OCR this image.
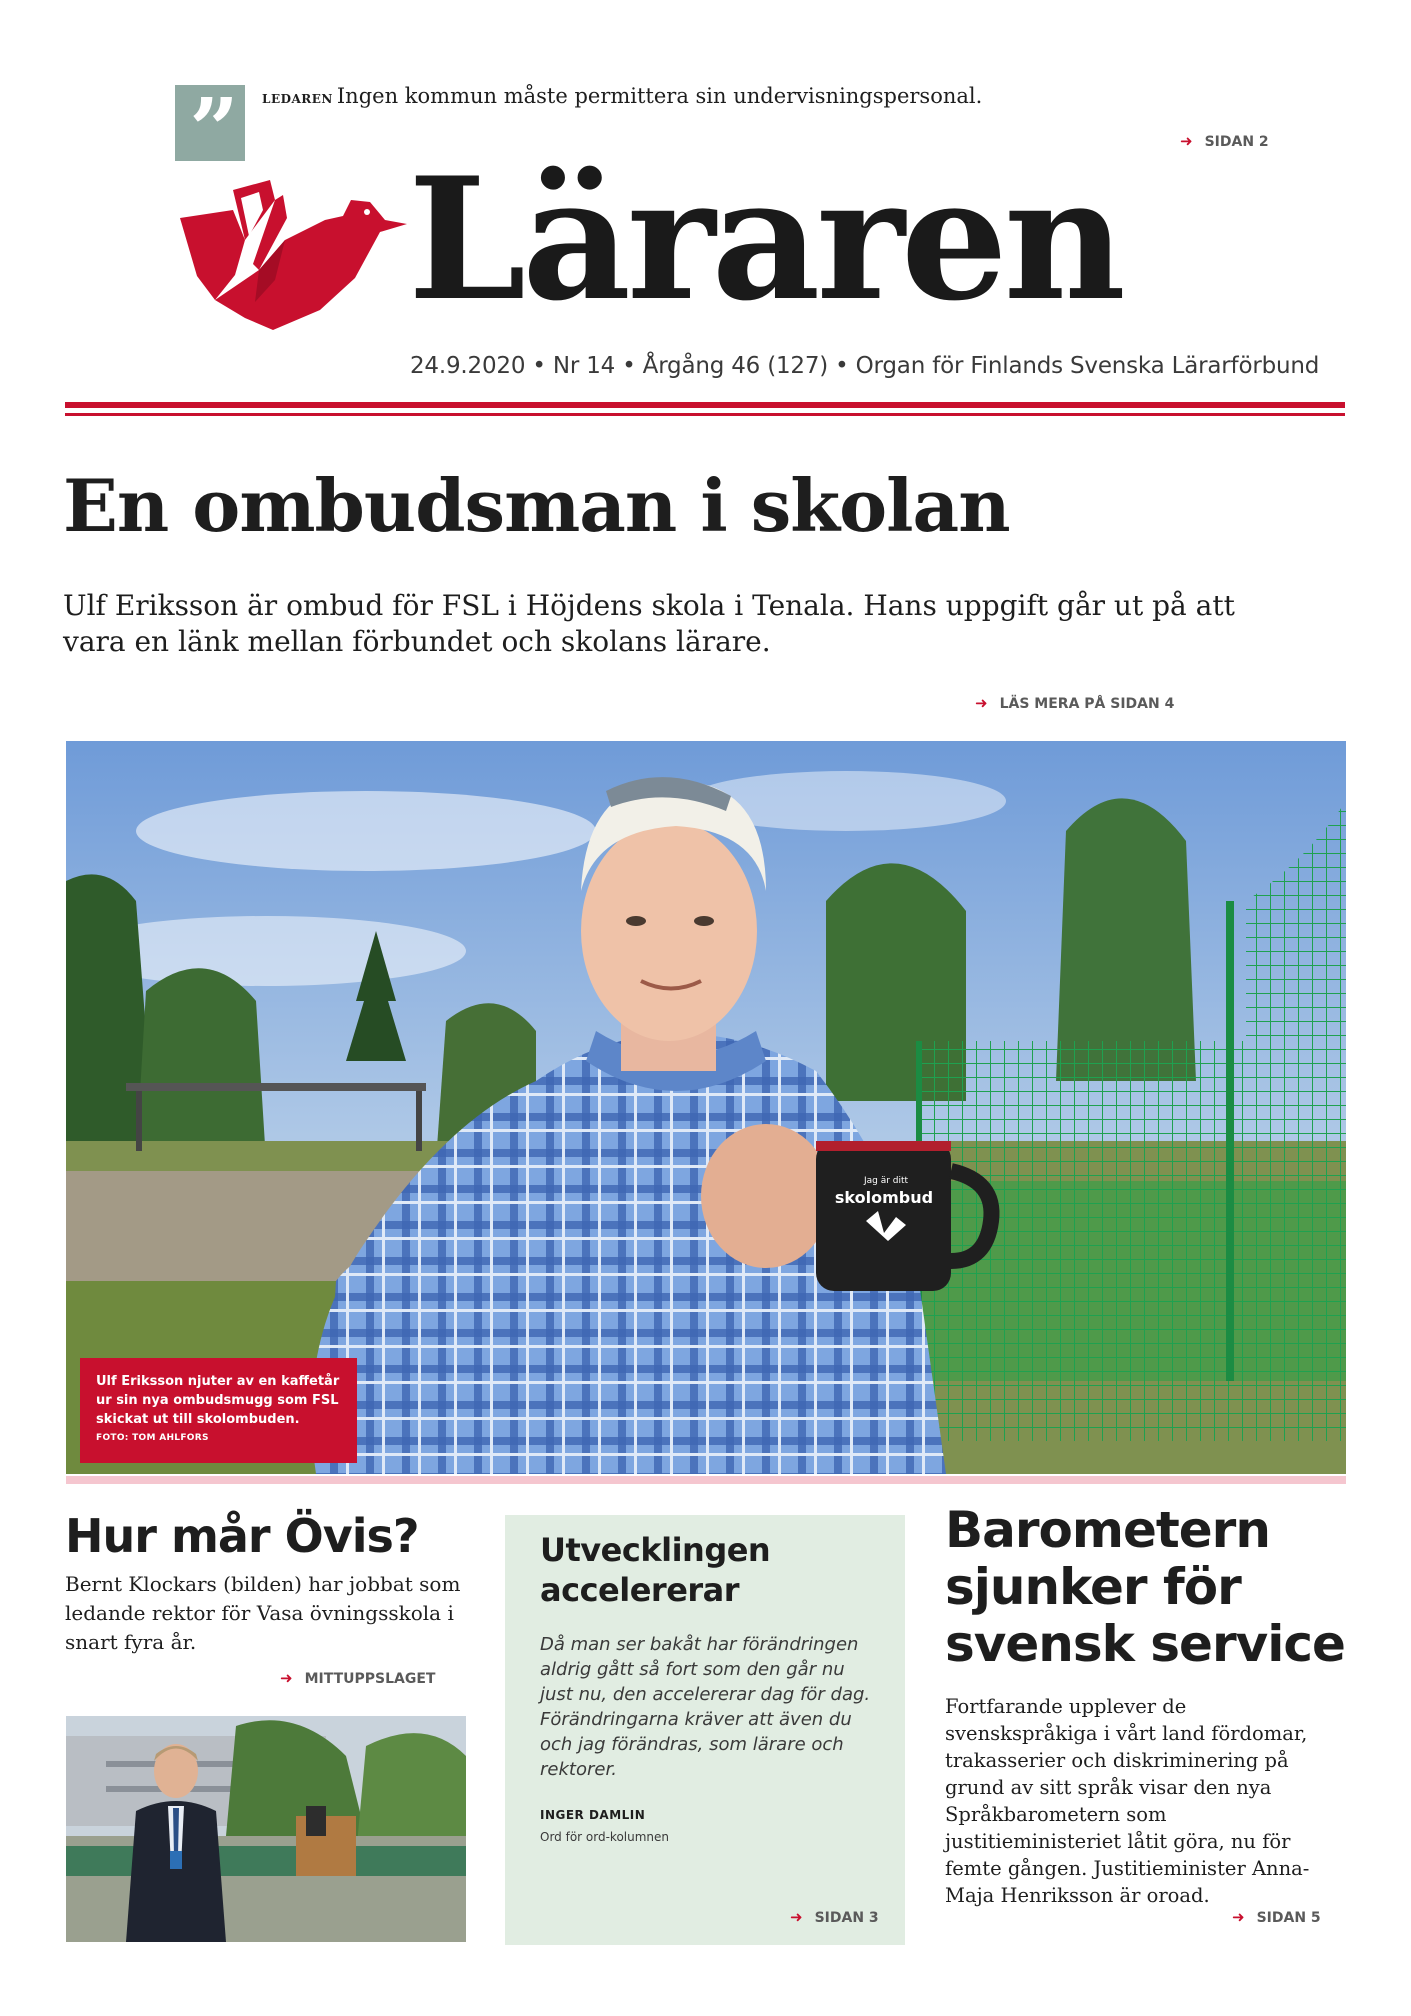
”	LEDAREN Ingen kommun måste permittera sin undervisningspersonal.
➜ SIDAN 2
Läraren
24.9.2020 • Nr 14 • Årgång 46 (127) • Organ för Finlands Svenska Lärarförbund
En ombudsman i skolan

Ulf Eriksson är ombud för FSL i Höjdens skola i Tenala. Hans uppgift går ut på att vara en länk mellan förbundet och skolans lärare.

➜ LÄS MERA PÅ SIDAN 4
Jag är ditt
skolombud
Ulf Eriksson njuter av en kaffetår ur sin nya ombudsmugg som FSL skickat ut till skolombuden.
FOTO: TOM AHLFORS
Hur mår Övis?

Bernt Klockars (bilden) har jobbat som ledande rektor för Vasa övningsskola i snart fyra år.

➜ MITTUPPSLAGET
Utvecklingen accelererar

Då man ser bakåt har förändringen aldrig gått så fort som den går nu just nu, den accelererar dag för dag. Förändringarna kräver att även du och jag förändras, som lärare och rektorer.

INGER DAMLIN
Ord för ord-kolumnen
➜ SIDAN 3
Barometern sjunker för svensk service

Fortfarande upplever de svenskspråkiga i vårt land fördomar, trakasserier och diskriminering på grund av sitt språk visar den nya Språkbarometern som justitieministeriet låtit göra, nu för femte gången. Justitieminister Anna-Maja Henriksson är oroad.

➜ SIDAN 5
